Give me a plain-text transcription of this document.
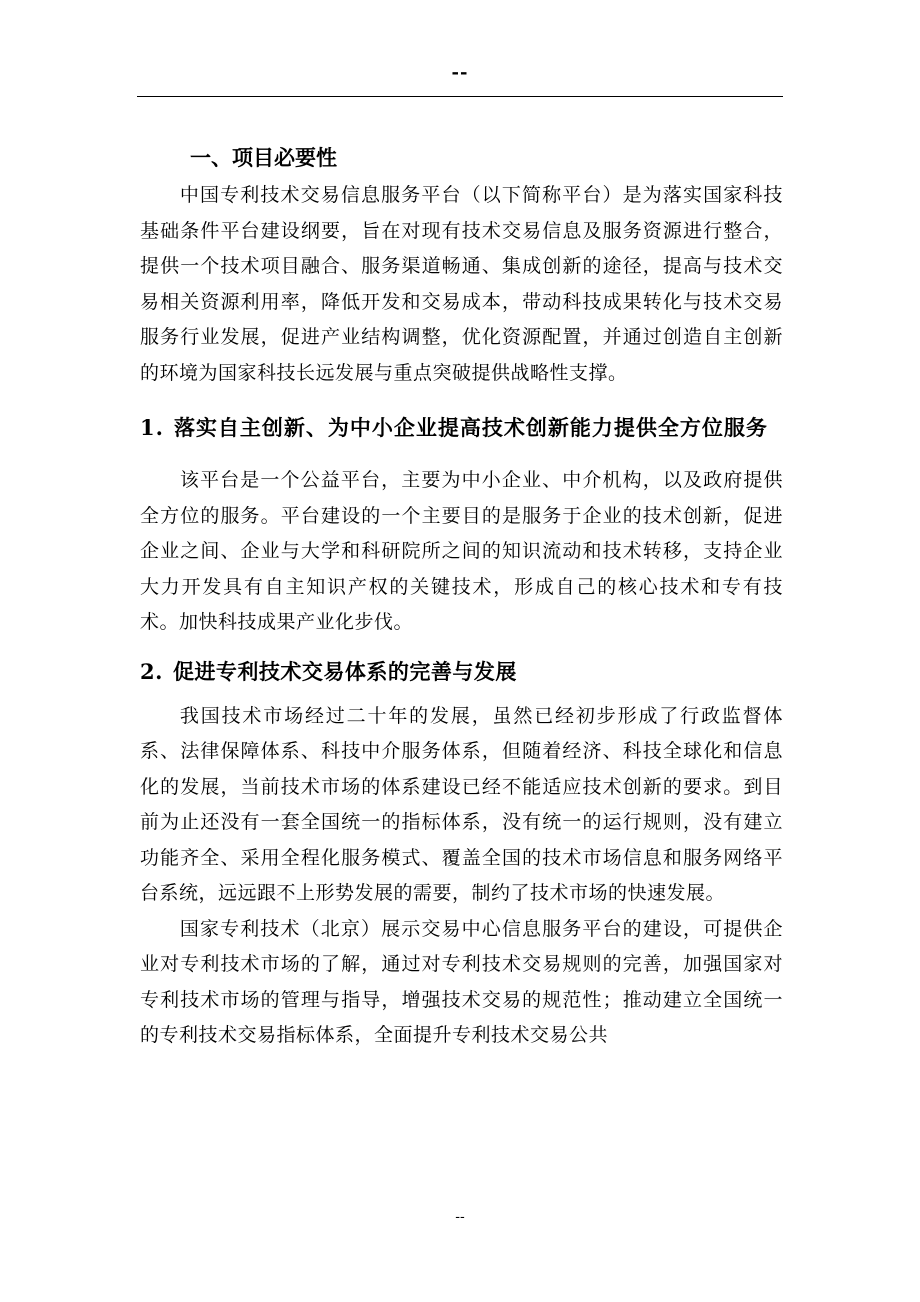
--
一、项目必要性

中国专利技术交易信息服务平台（以下简称平台）是为落实国家科技基础条件平台建设纲要，旨在对现有技术交易信息及服务资源进行整合，提供一个技术项目融合、服务渠道畅通、集成创新的途径，提高与技术交易相关资源利用率，降低开发和交易成本，带动科技成果转化与技术交易服务行业发展，促进产业结构调整，优化资源配置，并通过创造自主创新的环境为国家科技长远发展与重点突破提供战略性支撑。

1. 落实自主创新、为中小企业提高技术创新能力提供全方位服务

该平台是一个公益平台，主要为中小企业、中介机构，以及政府提供全方位的服务。平台建设的一个主要目的是服务于企业的技术创新，促进企业之间、企业与大学和科研院所之间的知识流动和技术转移，支持企业大力开发具有自主知识产权的关键技术，形成自己的核心技术和专有技术。加快科技成果产业化步伐。

2. 促进专利技术交易体系的完善与发展

我国技术市场经过二十年的发展，虽然已经初步形成了行政监督体系、法律保障体系、科技中介服务体系，但随着经济、科技全球化和信息化的发展，当前技术市场的体系建设已经不能适应技术创新的要求。到目前为止还没有一套全国统一的指标体系，没有统一的运行规则，没有建立功能齐全、采用全程化服务模式、覆盖全国的技术市场信息和服务网络平台系统，远远跟不上形势发展的需要，制约了技术市场的快速发展。

国家专利技术（北京）展示交易中心信息服务平台的建设，可提供企业对专利技术市场的了解，通过对专利技术交易规则的完善，加强国家对专利技术市场的管理与指导，增强技术交易的规范性；推动建立全国统一的专利技术交易指标体系，全面提升专利技术交易公共

--
